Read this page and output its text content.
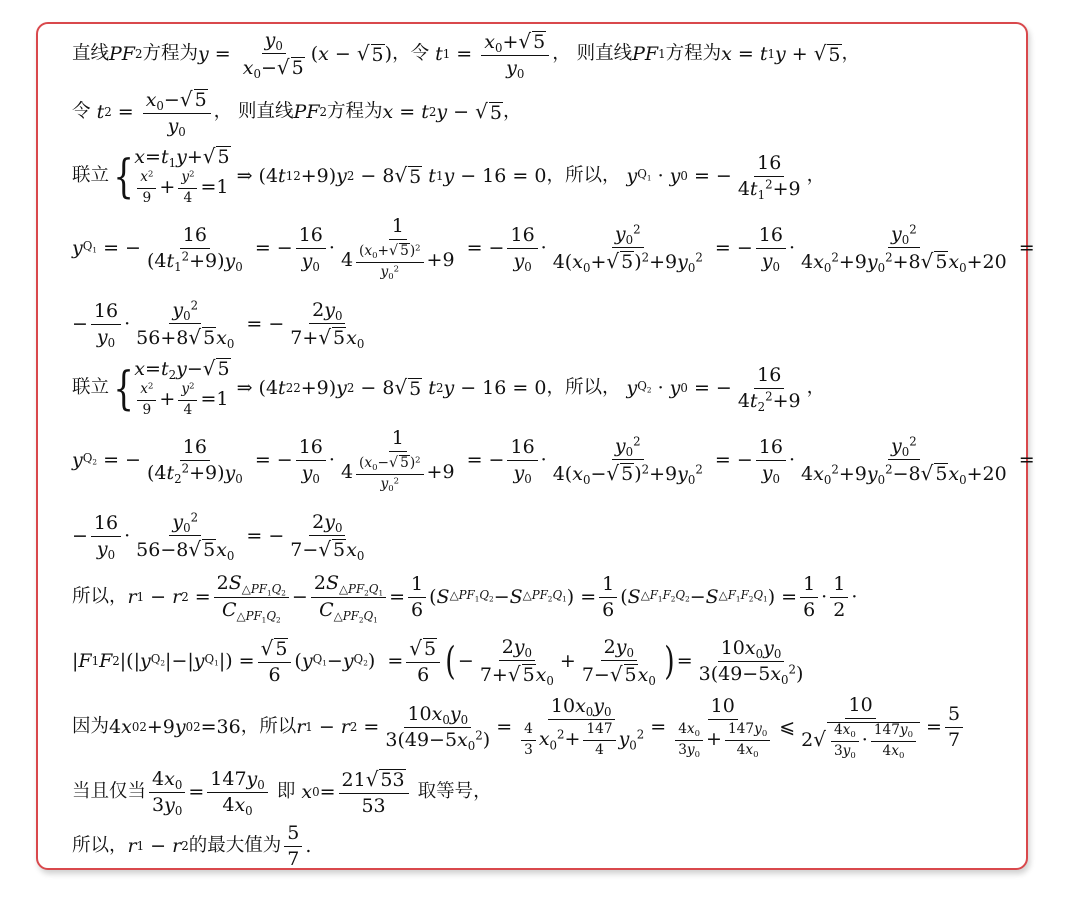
直线 PF 2 方程为 $y = \frac{y_0}{x_0-√ 5}$ ( x − √ 5 ) ，令
t $1 = \frac{x_0+√ 5}{y_0}$ ， 则直线 PF 1 方程为 x = t 1 y + √ 5 ，
令
t $2 = \frac{x_0-√ 5}{y_0}$ ， 则直线 PF 2 方程为 x = t 2 y − √ 5 ，
联立 { $x=t_1y+√$ 5
$\frac{x^2}{9} + \frac{y^2}{4} =1$
⇒ (4 t 1 2 +9) y 2 − 8 √ 5
t 1 y − 16 = 0 ，所以，
y $Q_1 \cdot y$ 0 = − $\frac{16}{4t_1^2+9}$ ，
y $Q_1$ = − $\frac{16}{(4t_1^2+9)y_0}$ = − $\frac{16}{y_0} \cdot \frac{1}{4 \frac{(x_0+√ 5)^2}{y_0^2} +9}$ = − $\frac{16}{y_0} \cdot \frac{y_0^2}{4(x_0+√ 5)^2+9y_0^2}$ = − $\frac{16}{y_0} \cdot \frac{y_0^2}{4x_0^2+9y_0^2+8√ 5x_0+20}$ =
− $\frac{16}{y_0} \cdot \frac{y_0^2}{56+8√ 5x_0}$ = − $\frac{2y_0}{7+√ 5x_0}$
联立 { $x=t_2y-√$ 5
$\frac{x^2}{9} + \frac{y^2}{4} =1$
⇒ (4 t 2 2 +9) y 2 − 8 √ 5
t 2 y − 16 = 0 ，所以，
y $Q_2 \cdot y$ 0 = − $\frac{16}{4t_2^2+9}$ ，
y $Q_2$ = − $\frac{16}{(4t_2^2+9)y_0}$ = − $\frac{16}{y_0} \cdot \frac{1}{4 \frac{(x_0-√ 5)^2}{y_0^2} +9}$ = − $\frac{16}{y_0} \cdot \frac{y_0^2}{4(x_0-√ 5)^2+9y_0^2}$ = − $\frac{16}{y_0} \cdot \frac{y_0^2}{4x_0^2+9y_0^2-8√ 5x_0+20}$ =
− $\frac{16}{y_0} \cdot \frac{y_0^2}{56-8√ 5x_0}$ = − $\frac{2y_0}{7-√ 5x_0}$
所以， r 1 − r $2 = \frac{2S_{\triangle PF_1Q_2}}{C_{\triangle PF_1Q_2}} - \frac{2S_{\triangle PF_2Q_1}}{C_{\triangle PF_2Q_1}} = \frac{1}{6}$ ( S $\triangle PF_1Q_2 - S$ $\triangle PF_2Q_1$ ) = $\frac{1}{6}$ ( S $\triangle F_1F_2Q_2 - S$ $\triangle F_1F_2Q_1$ ) = $\frac{1}{6} \cdot \frac{1}{2}$ ·
| F 1 F 2 |(| y $Q_2$ |−| y $Q_1$ |) = $\frac{√ 5}{6}$ ( y $Q_1 - y$ $Q_2$ )  = $\frac{√ 5}{6}$ ( − $\frac{2y_0}{7+√ 5x_0} + \frac{2y_0}{7-√ 5x_0}$ ) = $\frac{10x_0y_0}{3(49-5x_0^2)}$
因为 4 x 0 2 +9 y 0 2 =36 ，所以 r 1 − r $2 = \frac{10x_0y_0}{3(49-5x_0^2)} = \frac{10x_0y_0}{\frac{4}{3} x_0^2+ \frac{147}{4} y_0^2} = \frac{10}{\frac{4x_0}{3y_0} + \frac{147y_0}{4x_0}}$ ⩽ $\frac{10}{2√ \frac{4x_0}{3y_0} \cdot \frac{147y_0}{4x_0}} = \frac{5}{7}$
当且仅当 $\frac{4x_0}{3y_0} = \frac{147y_0}{4x_0}$
即
x $0 = \frac{21√ 53}{53}$
取等号，
所以， r 1 − r 2 的最大值为 $\frac{5}{7}$ .
